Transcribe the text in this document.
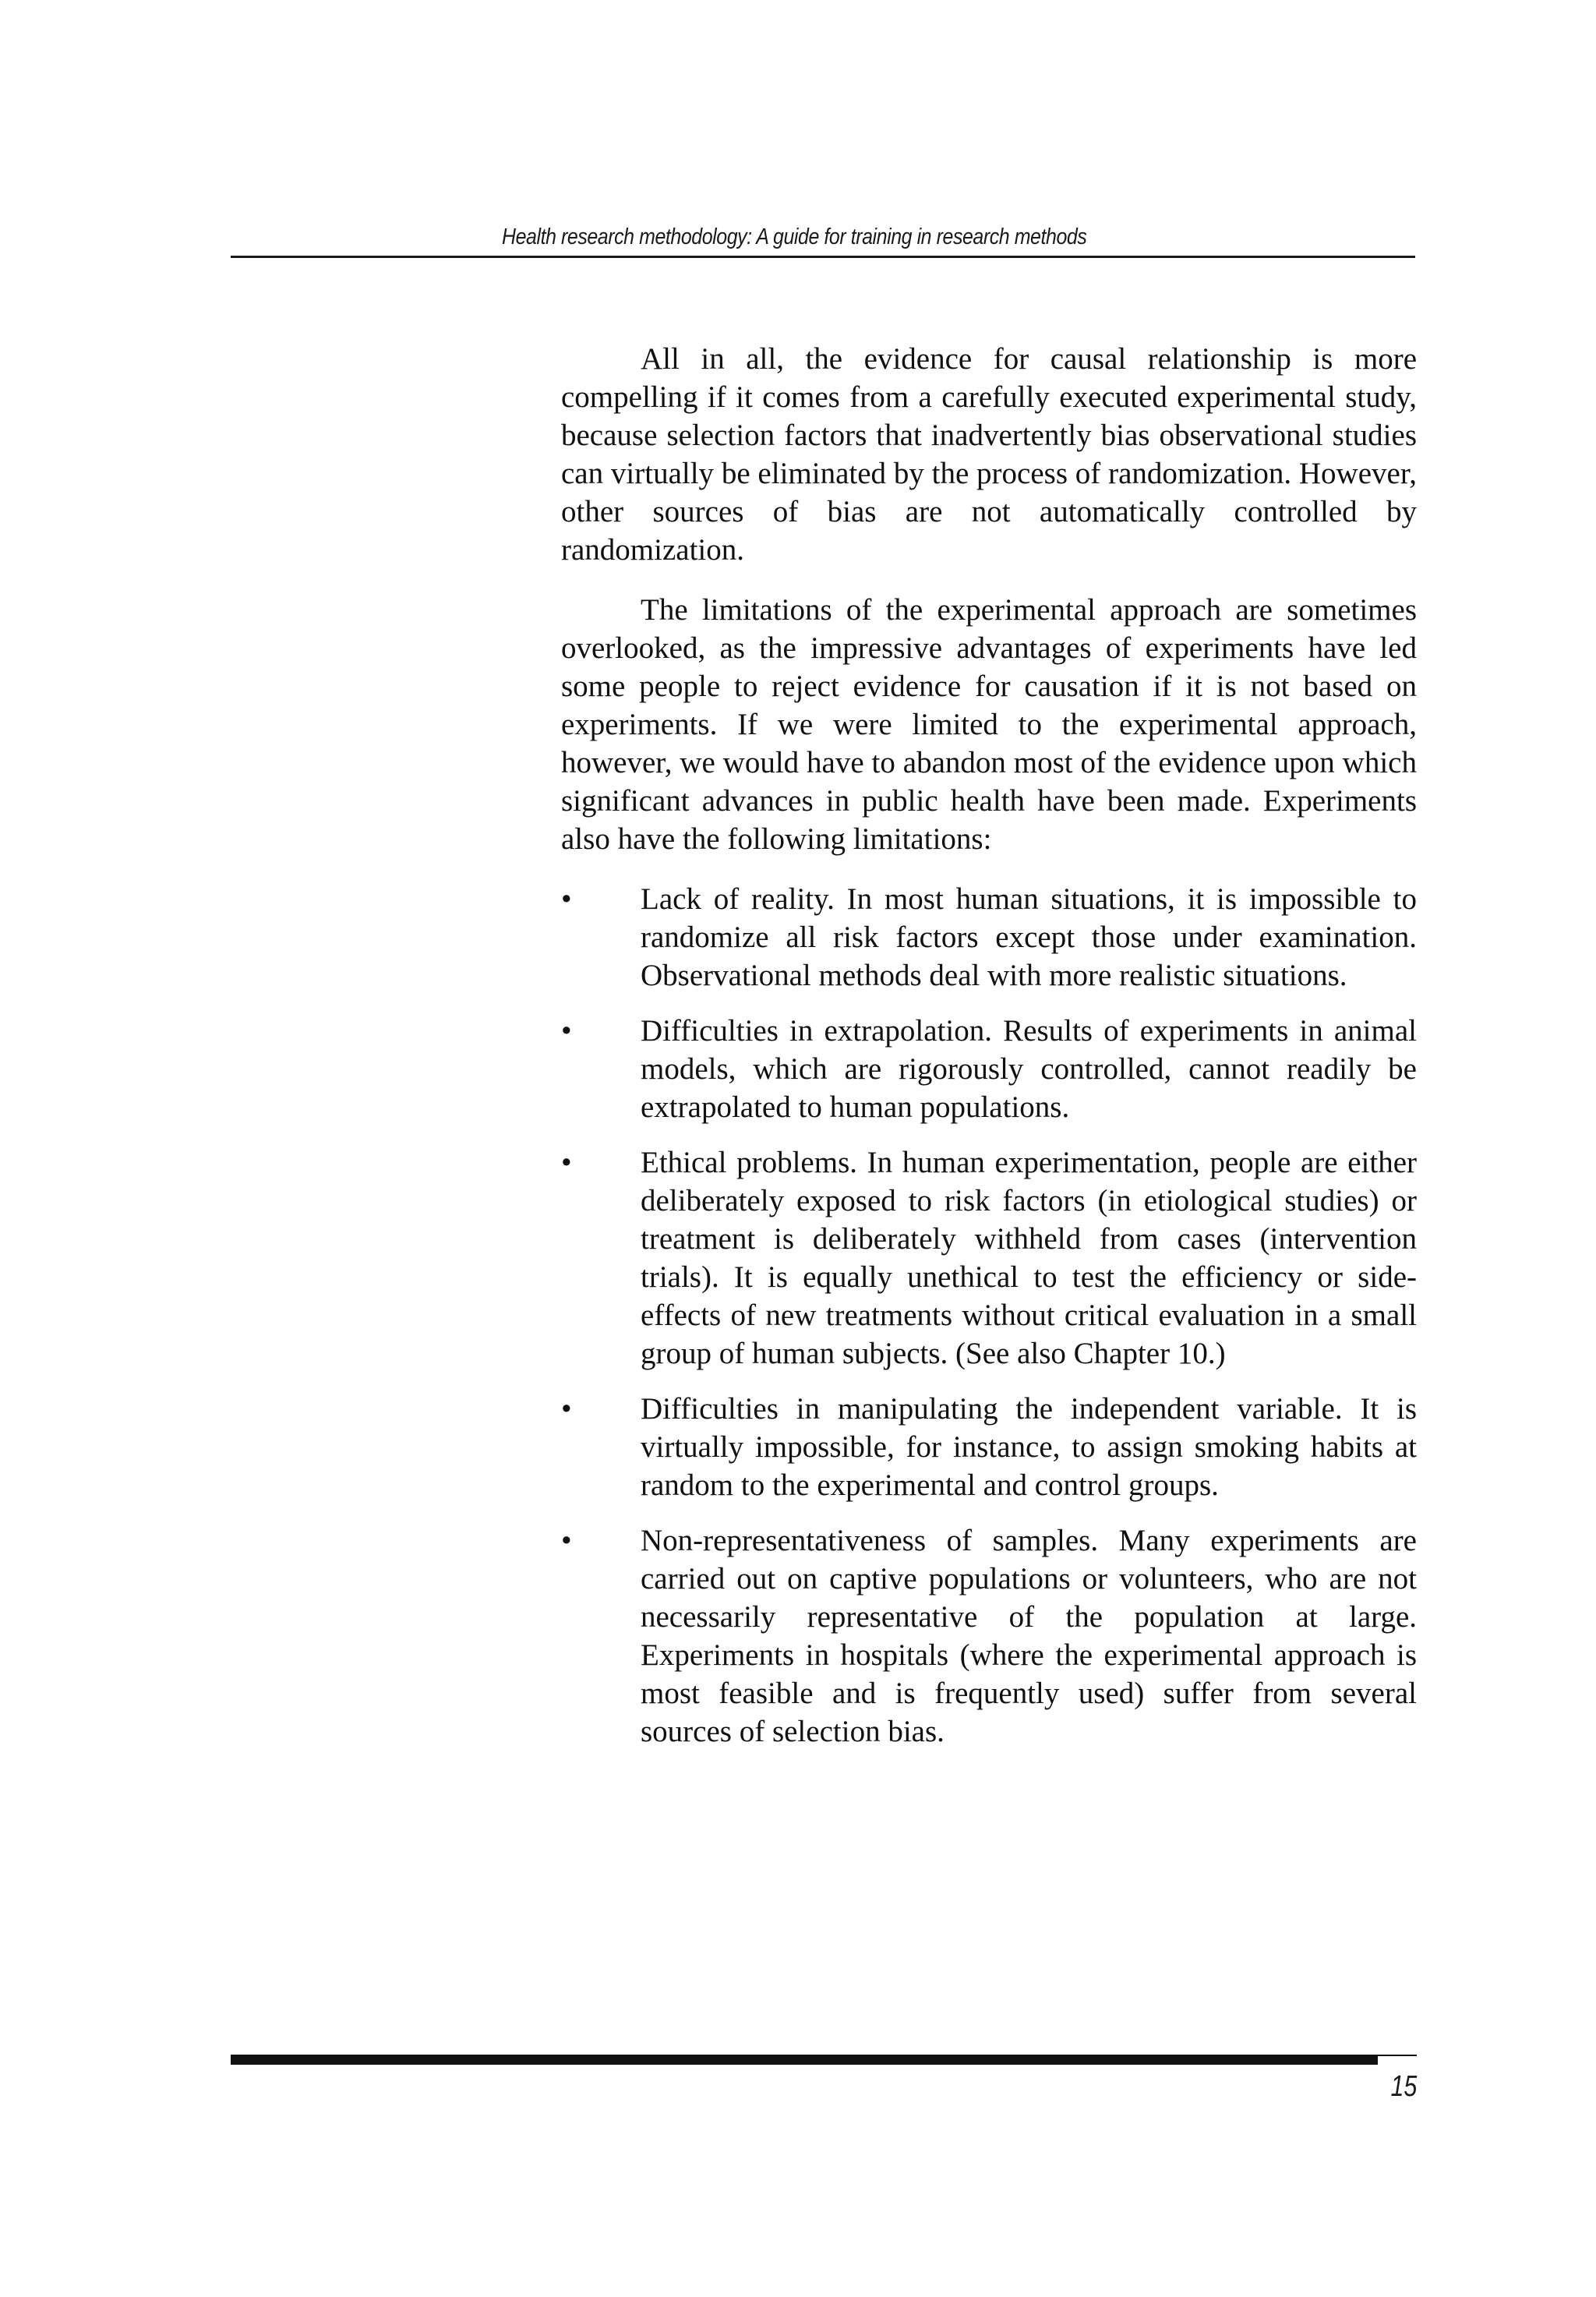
Health research methodology: A guide for training in research methods

All in all, the evidence for causal relationship is more compelling if it comes from a carefully executed experimental study, because selection factors that inadvertently bias observational studies can virtually be eliminated by the process of randomization. However, other sources of bias are not automatically controlled by randomization.

The limitations of the experimental approach are sometimes overlooked, as the impressive advantages of experiments have led some people to reject evidence for causation if it is not based on experiments. If we were limited to the experimental approach, however, we would have to abandon most of the evidence upon which significant advances in public health have been made. Experiments also have the following limitations:

• Lack of reality. In most human situations, it is impossible to randomize all risk factors except those under examination. Observational methods deal with more realistic situations.
• Difficulties in extrapolation. Results of experiments in animal models, which are rigorously controlled, cannot readily be extrapolated to human populations.
• Ethical problems. In human experimentation, people are either deliberately exposed to risk factors (in etiological studies) or treatment is deliberately withheld from cases (intervention trials). It is equally unethical to test the efficiency or side-effects of new treatments without critical evaluation in a small group of human subjects. (See also Chapter 10.)
• Difficulties in manipulating the independent variable. It is virtually impossible, for instance, to assign smoking habits at random to the experimental and control groups.
• Non-representativeness of samples. Many experiments are carried out on captive populations or volunteers, who are not necessarily representative of the population at large. Experiments in hospitals (where the experimental approach is most feasible and is frequently used) suffer from several sources of selection bias.
15
